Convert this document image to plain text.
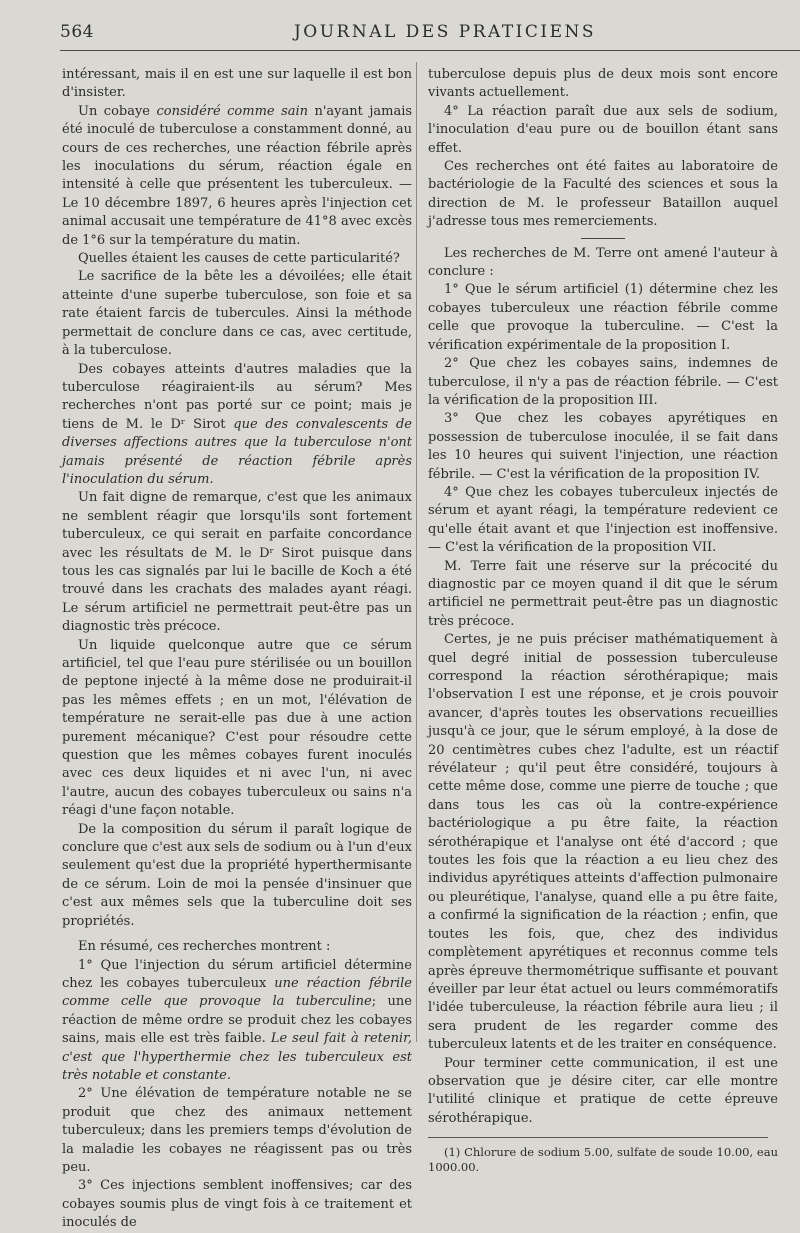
564	JOURNAL DES PRATICIENS

intéressant, mais il en est une sur laquelle il est bon d'insister.

Un cobaye considéré comme sain n'ayant jamais été inoculé de tuberculose a constamment donné, au cours de ces recherches, une réaction fébrile après les inoculations du sérum, réaction égale en intensité à celle que présentent les tuberculeux. — Le 10 décembre 1897, 6 heures après l'injection cet animal accusait une température de 41°8 avec excès de 1°6 sur la température du matin.

Quelles étaient les causes de cette particularité?

Le sacrifice de la bête les a dévoilées; elle était atteinte d'une superbe tuberculose, son foie et sa rate étaient farcis de tubercules. Ainsi la méthode permettait de conclure dans ce cas, avec certitude, à la tuberculose.

Des cobayes atteints d'autres maladies que la tuberculose réagiraient-ils au sérum? Mes recherches n'ont pas porté sur ce point; mais je tiens de M. le Dʳ Sirot que des convalescents de diverses affections autres que la tuberculose n'ont jamais présenté de réaction fébrile après l'inoculation du sérum.

Un fait digne de remarque, c'est que les animaux ne semblent réagir que lorsqu'ils sont fortement tuberculeux, ce qui serait en parfaite concordance avec les résultats de M. le Dʳ Sirot puisque dans tous les cas signalés par lui le bacille de Koch a été trouvé dans les crachats des malades ayant réagi. Le sérum artificiel ne permettrait peut-être pas un diagnostic très précoce.

Un liquide quelconque autre que ce sérum artificiel, tel que l'eau pure stérilisée ou un bouillon de peptone injecté à la même dose ne produirait-il pas les mêmes effets ; en un mot, l'élévation de température ne serait-elle pas due à une action purement mécanique? C'est pour résoudre cette question que les mêmes cobayes furent inoculés avec ces deux liquides et ni avec l'un, ni avec l'autre, aucun des cobayes tuberculeux ou sains n'a réagi d'une façon notable.

De la composition du sérum il paraît logique de conclure que c'est aux sels de sodium ou à l'un d'eux seulement qu'est due la propriété hyperthermisante de ce sérum. Loin de moi la pensée d'insinuer que c'est aux mêmes sels que la tuberculine doit ses propriétés.

En résumé, ces recherches montrent :

1° Que l'injection du sérum artificiel détermine chez les cobayes tuberculeux une réaction fébrile comme celle que provoque la tuberculine; une réaction de même ordre se produit chez les cobayes sains, mais elle est très faible. Le seul fait à retenir, c'est que l'hyperthermie chez les tuberculeux est très notable et constante.

2° Une élévation de température notable ne se produit que chez des animaux nettement tuberculeux; dans les premiers temps d'évolution de la maladie les cobayes ne réagissent pas ou très peu.

3° Ces injections semblent inoffensives; car des cobayes soumis plus de vingt fois à ce traitement et inoculés de

tuberculose depuis plus de deux mois sont encore vivants actuellement.

4° La réaction paraît due aux sels de sodium, l'inoculation d'eau pure ou de bouillon étant sans effet.

Ces recherches ont été faites au laboratoire de bactériologie de la Faculté des sciences et sous la direction de M. le professeur Bataillon auquel j'adresse tous mes remerciements.

Les recherches de M. Terre ont amené l'auteur à conclure :

1° Que le sérum artificiel (1) détermine chez les cobayes tuberculeux une réaction fébrile comme celle que provoque la tuberculine. — C'est la vérification expérimentale de la proposition I.

2° Que chez les cobayes sains, indemnes de tuberculose, il n'y a pas de réaction fébrile. — C'est la vérification de la proposition III.

3° Que chez les cobayes apyrétiques en possession de tuberculose inoculée, il se fait dans les 10 heures qui suivent l'injection, une réaction fébrile. — C'est la vérification de la proposition IV.

4° Que chez les cobayes tuberculeux injectés de sérum et ayant réagi, la température redevient ce qu'elle était avant et que l'injection est inoffensive. — C'est la vérification de la proposition VII.

M. Terre fait une réserve sur la précocité du diagnostic par ce moyen quand il dit que le sérum artificiel ne permettrait peut-être pas un diagnostic très précoce.

Certes, je ne puis préciser mathématiquement à quel degré initial de possession tuberculeuse correspond la réaction sérothérapique; mais l'observation I est une réponse, et je crois pouvoir avancer, d'après toutes les observations recueillies jusqu'à ce jour, que le sérum employé, à la dose de 20 centimètres cubes chez l'adulte, est un réactif révélateur ; qu'il peut être considéré, toujours à cette même dose, comme une pierre de touche ; que dans tous les cas où la contre-expérience bactériologique a pu être faite, la réaction sérothérapique et l'analyse ont été d'accord ; que toutes les fois que la réaction a eu lieu chez des individus apyrétiques atteints d'affection pulmonaire ou pleurétique, l'analyse, quand elle a pu être faite, a confirmé la signification de la réaction ; enfin, que toutes les fois, que, chez des individus complètement apyrétiques et reconnus comme tels après épreuve thermométrique suffisante et pouvant éveiller par leur état actuel ou leurs commémoratifs l'idée tuberculeuse, la réaction fébrile aura lieu ; il sera prudent de les regarder comme des tuberculeux latents et de les traiter en conséquence.

Pour terminer cette communication, il est une observation que je désire citer, car elle montre l'utilité clinique et pratique de cette épreuve sérothérapique.

(1) Chlorure de sodium 5.00, sulfate de soude 10.00, eau 1000.00.
